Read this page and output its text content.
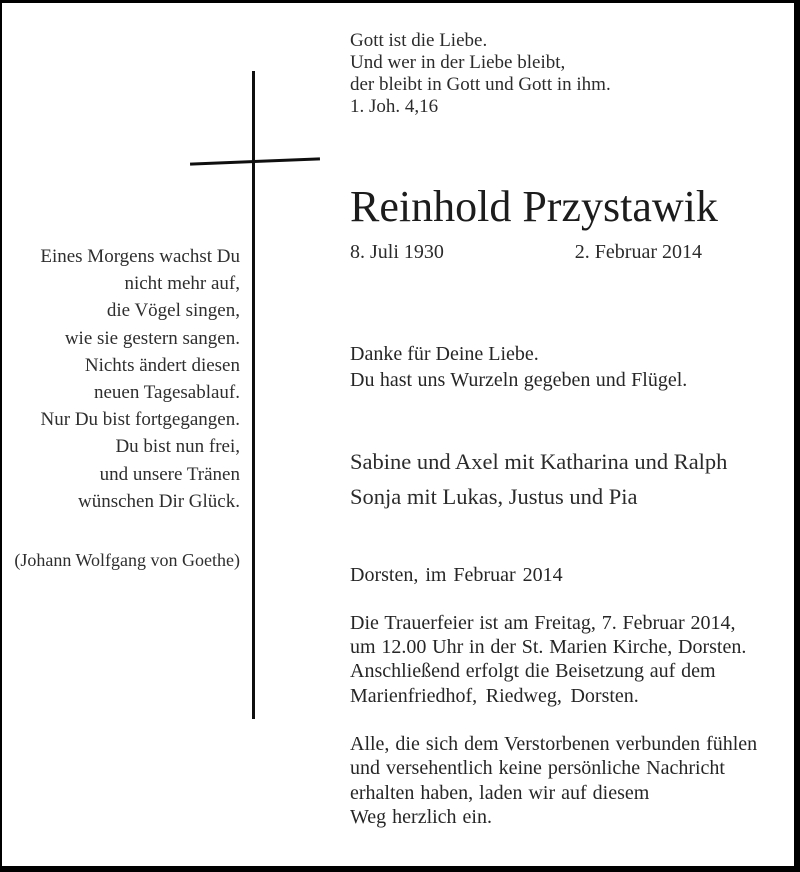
Gott ist die Liebe.
Und wer in der Liebe bleibt,
der bleibt in Gott und Gott in ihm.
1. Joh. 4,16
Reinhold Przystawik
8. Juli 1930	2. Februar 2014
Eines Morgens wachst Du
nicht mehr auf,
die Vögel singen,
wie sie gestern sangen.
Nichts ändert diesen
neuen Tagesablauf.
Nur Du bist fortgegangen.
Du bist nun frei,
und unsere Tränen
wünschen Dir Glück.
(Johann Wolfgang von Goethe)
Danke für Deine Liebe.
Du hast uns Wurzeln gegeben und Flügel.
Sabine und Axel mit Katharina und Ralph
Sonja mit Lukas, Justus und Pia
Dorsten, im Februar 2014
Die Trauerfeier ist am Freitag, 7. Februar 2014,
um 12.00 Uhr in der St. Marien Kirche, Dorsten.
Anschließend erfolgt die Beisetzung auf dem
Marienfriedhof, Riedweg, Dorsten.
Alle, die sich dem Verstorbenen verbunden fühlen
und versehentlich keine persönliche Nachricht
erhalten haben, laden wir auf diesem
Weg herzlich ein.
